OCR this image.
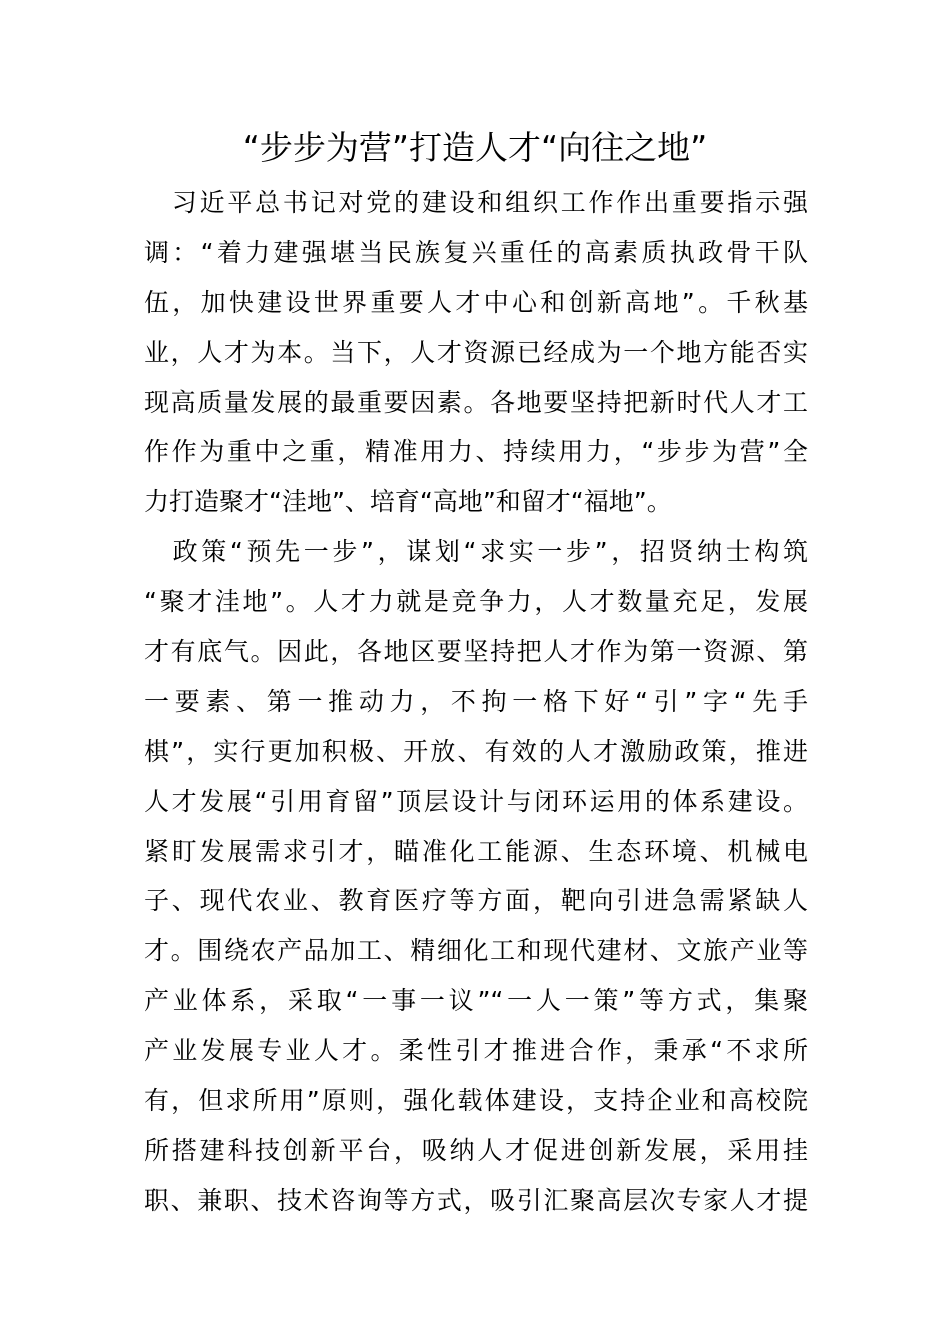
“步步为营”打造人才“向往之地”
　习近平总书记对党的建设和组织工作作出重要指示强
调：“着力建强堪当民族复兴重任的高素质执政骨干队
伍，加快建设世界重要人才中心和创新高地”。千秋基
业，人才为本。当下，人才资源已经成为一个地方能否实
现高质量发展的最重要因素。各地要坚持把新时代人才工
作作为重中之重，精准用力、持续用力，“步步为营”全
力打造聚才“洼地”、培育“高地”和留才“福地”。
　政策“预先一步”，谋划“求实一步”，招贤纳士构筑
“聚才洼地”。人才力就是竞争力，人才数量充足，发展
才有底气。因此，各地区要坚持把人才作为第一资源、第
一要素、第一推动力，不拘一格下好“引”字“先手
棋”，实行更加积极、开放、有效的人才激励政策，推进
人才发展“引用育留”顶层设计与闭环运用的体系建设。
紧盯发展需求引才，瞄准化工能源、生态环境、机械电
子、现代农业、教育医疗等方面，靶向引进急需紧缺人
才。围绕农产品加工、精细化工和现代建材、文旅产业等
产业体系，采取“一事一议”“一人一策”等方式，集聚
产业发展专业人才。柔性引才推进合作，秉承“不求所
有，但求所用”原则，强化载体建设，支持企业和高校院
所搭建科技创新平台，吸纳人才促进创新发展，采用挂
职、兼职、技术咨询等方式，吸引汇聚高层次专家人才提
